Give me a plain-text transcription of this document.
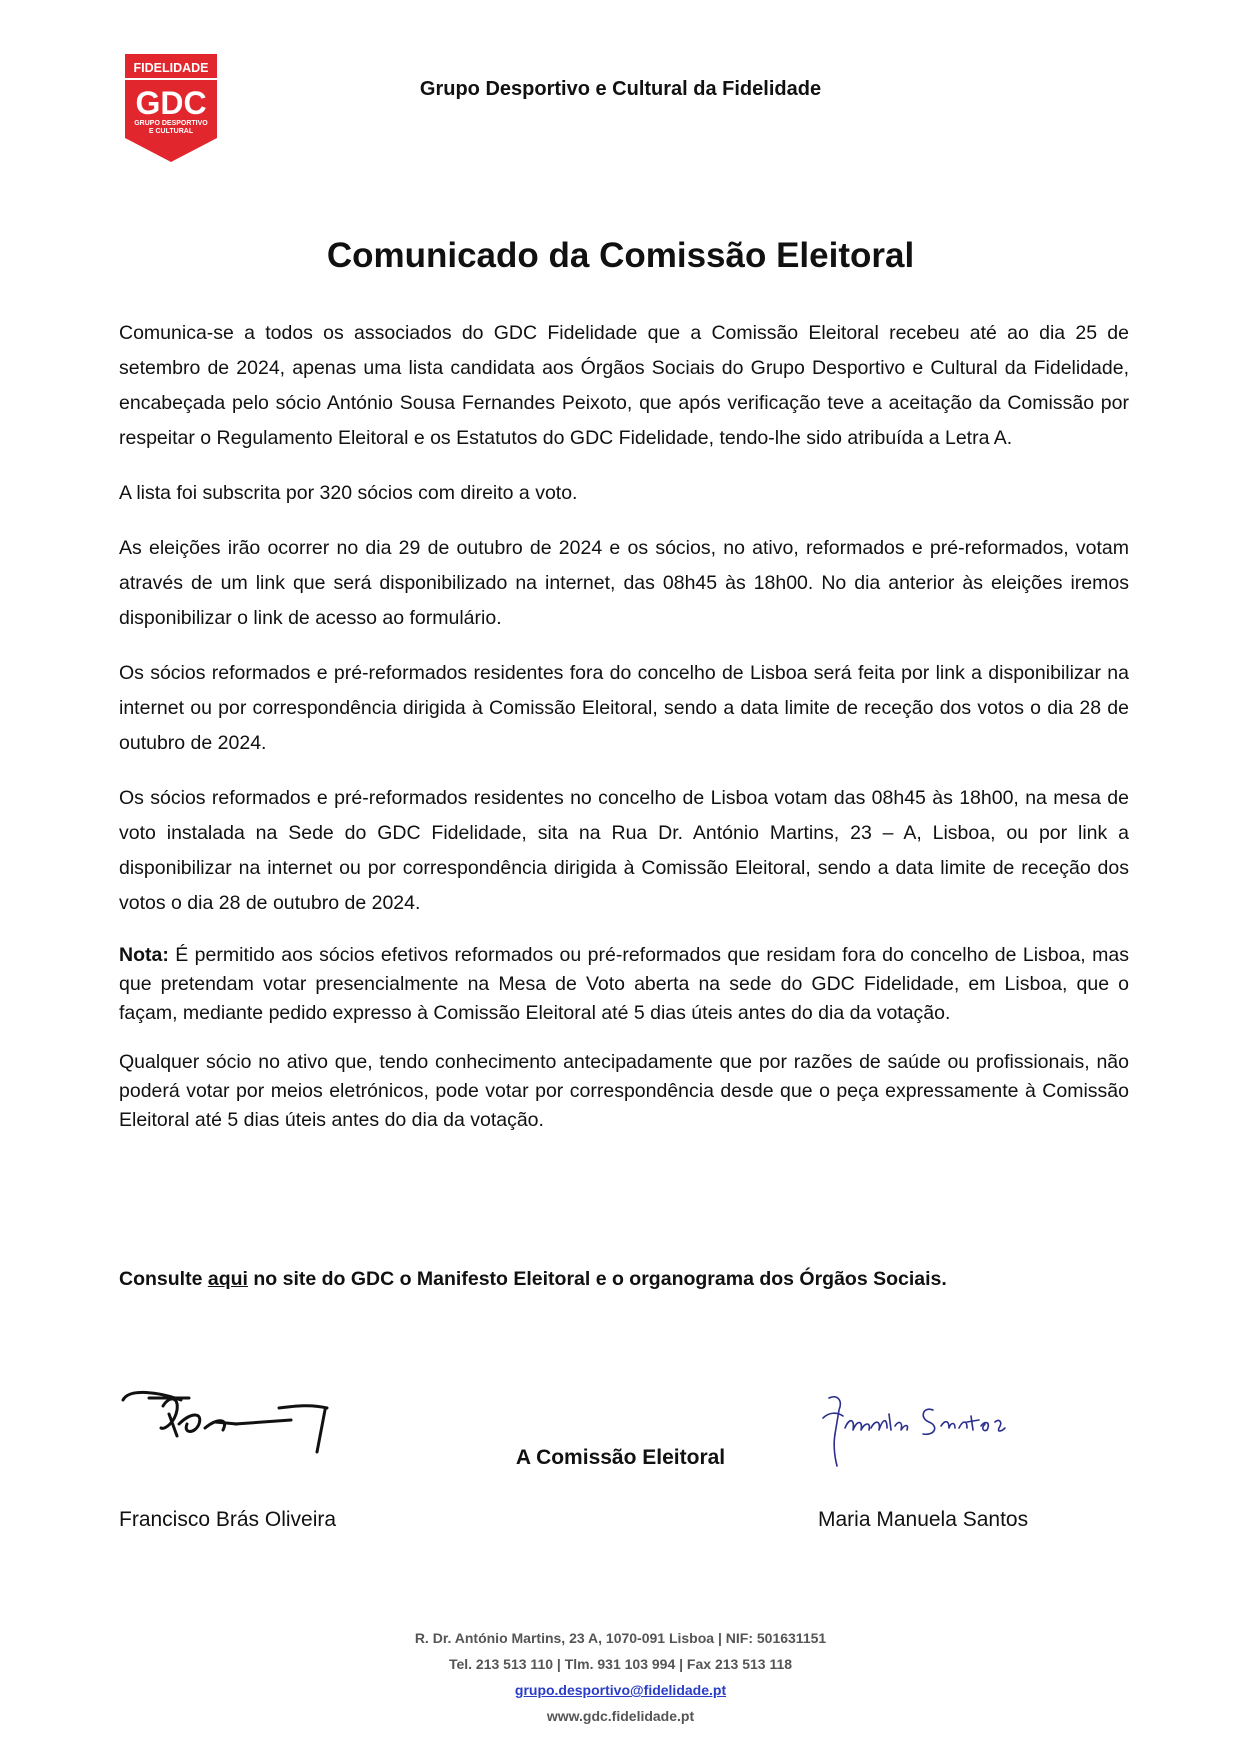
FIDELIDADE
GDC
GRUPO DESPORTIVO
E CULTURAL
Grupo Desportivo e Cultural da Fidelidade
Comunicado da Comissão Eleitoral

Comunica-se a todos os associados do GDC Fidelidade que a Comissão Eleitoral recebeu até ao dia 25 de setembro de 2024, apenas uma lista candidata aos Órgãos Sociais do Grupo Desportivo e Cultural da Fidelidade, encabeçada pelo sócio António Sousa Fernandes Peixoto, que após verificação teve a aceitação da Comissão por respeitar o Regulamento Eleitoral e os Estatutos do GDC Fidelidade, tendo-lhe sido atribuída a Letra A.

A lista foi subscrita por 320 sócios com direito a voto.

As eleições irão ocorrer no dia 29 de outubro de 2024 e os sócios, no ativo, reformados e pré-reformados, votam através de um link que será disponibilizado na internet, das 08h45 às 18h00. No dia anterior às eleições iremos disponibilizar o link de acesso ao formulário.

Os sócios reformados e pré-reformados residentes fora do concelho de Lisboa será feita por link a disponibilizar na internet ou por correspondência dirigida à Comissão Eleitoral, sendo a data limite de receção dos votos o dia 28 de outubro de 2024.

Os sócios reformados e pré-reformados residentes no concelho de Lisboa votam das 08h45 às 18h00, na mesa de voto instalada na Sede do GDC Fidelidade, sita na Rua Dr. António Martins, 23 – A, Lisboa, ou por link a disponibilizar na internet ou por correspondência dirigida à Comissão Eleitoral, sendo a data limite de receção dos votos o dia 28 de outubro de 2024.

Nota: É permitido aos sócios efetivos reformados ou pré-reformados que residam fora do concelho de Lisboa, mas que pretendam votar presencialmente na Mesa de Voto aberta na sede do GDC Fidelidade, em Lisboa, que o façam, mediante pedido expresso à Comissão Eleitoral até 5 dias úteis antes do dia da votação.

Qualquer sócio no ativo que, tendo conhecimento antecipadamente que por razões de saúde ou profissionais, não poderá votar por meios eletrónicos, pode votar por correspondência desde que o peça expressamente à Comissão Eleitoral até 5 dias úteis antes do dia da votação.

Consulte aqui no site do GDC o Manifesto Eleitoral e o organograma dos Órgãos Sociais.
A Comissão Eleitoral
Francisco Brás Oliveira	Maria Manuela Santos
R. Dr. António Martins, 23 A, 1070-091 Lisboa | NIF: 501631151
Tel. 213 513 110 | Tlm. 931 103 994 | Fax 213 513 118
grupo.desportivo@fidelidade.pt
www.gdc.fidelidade.pt
